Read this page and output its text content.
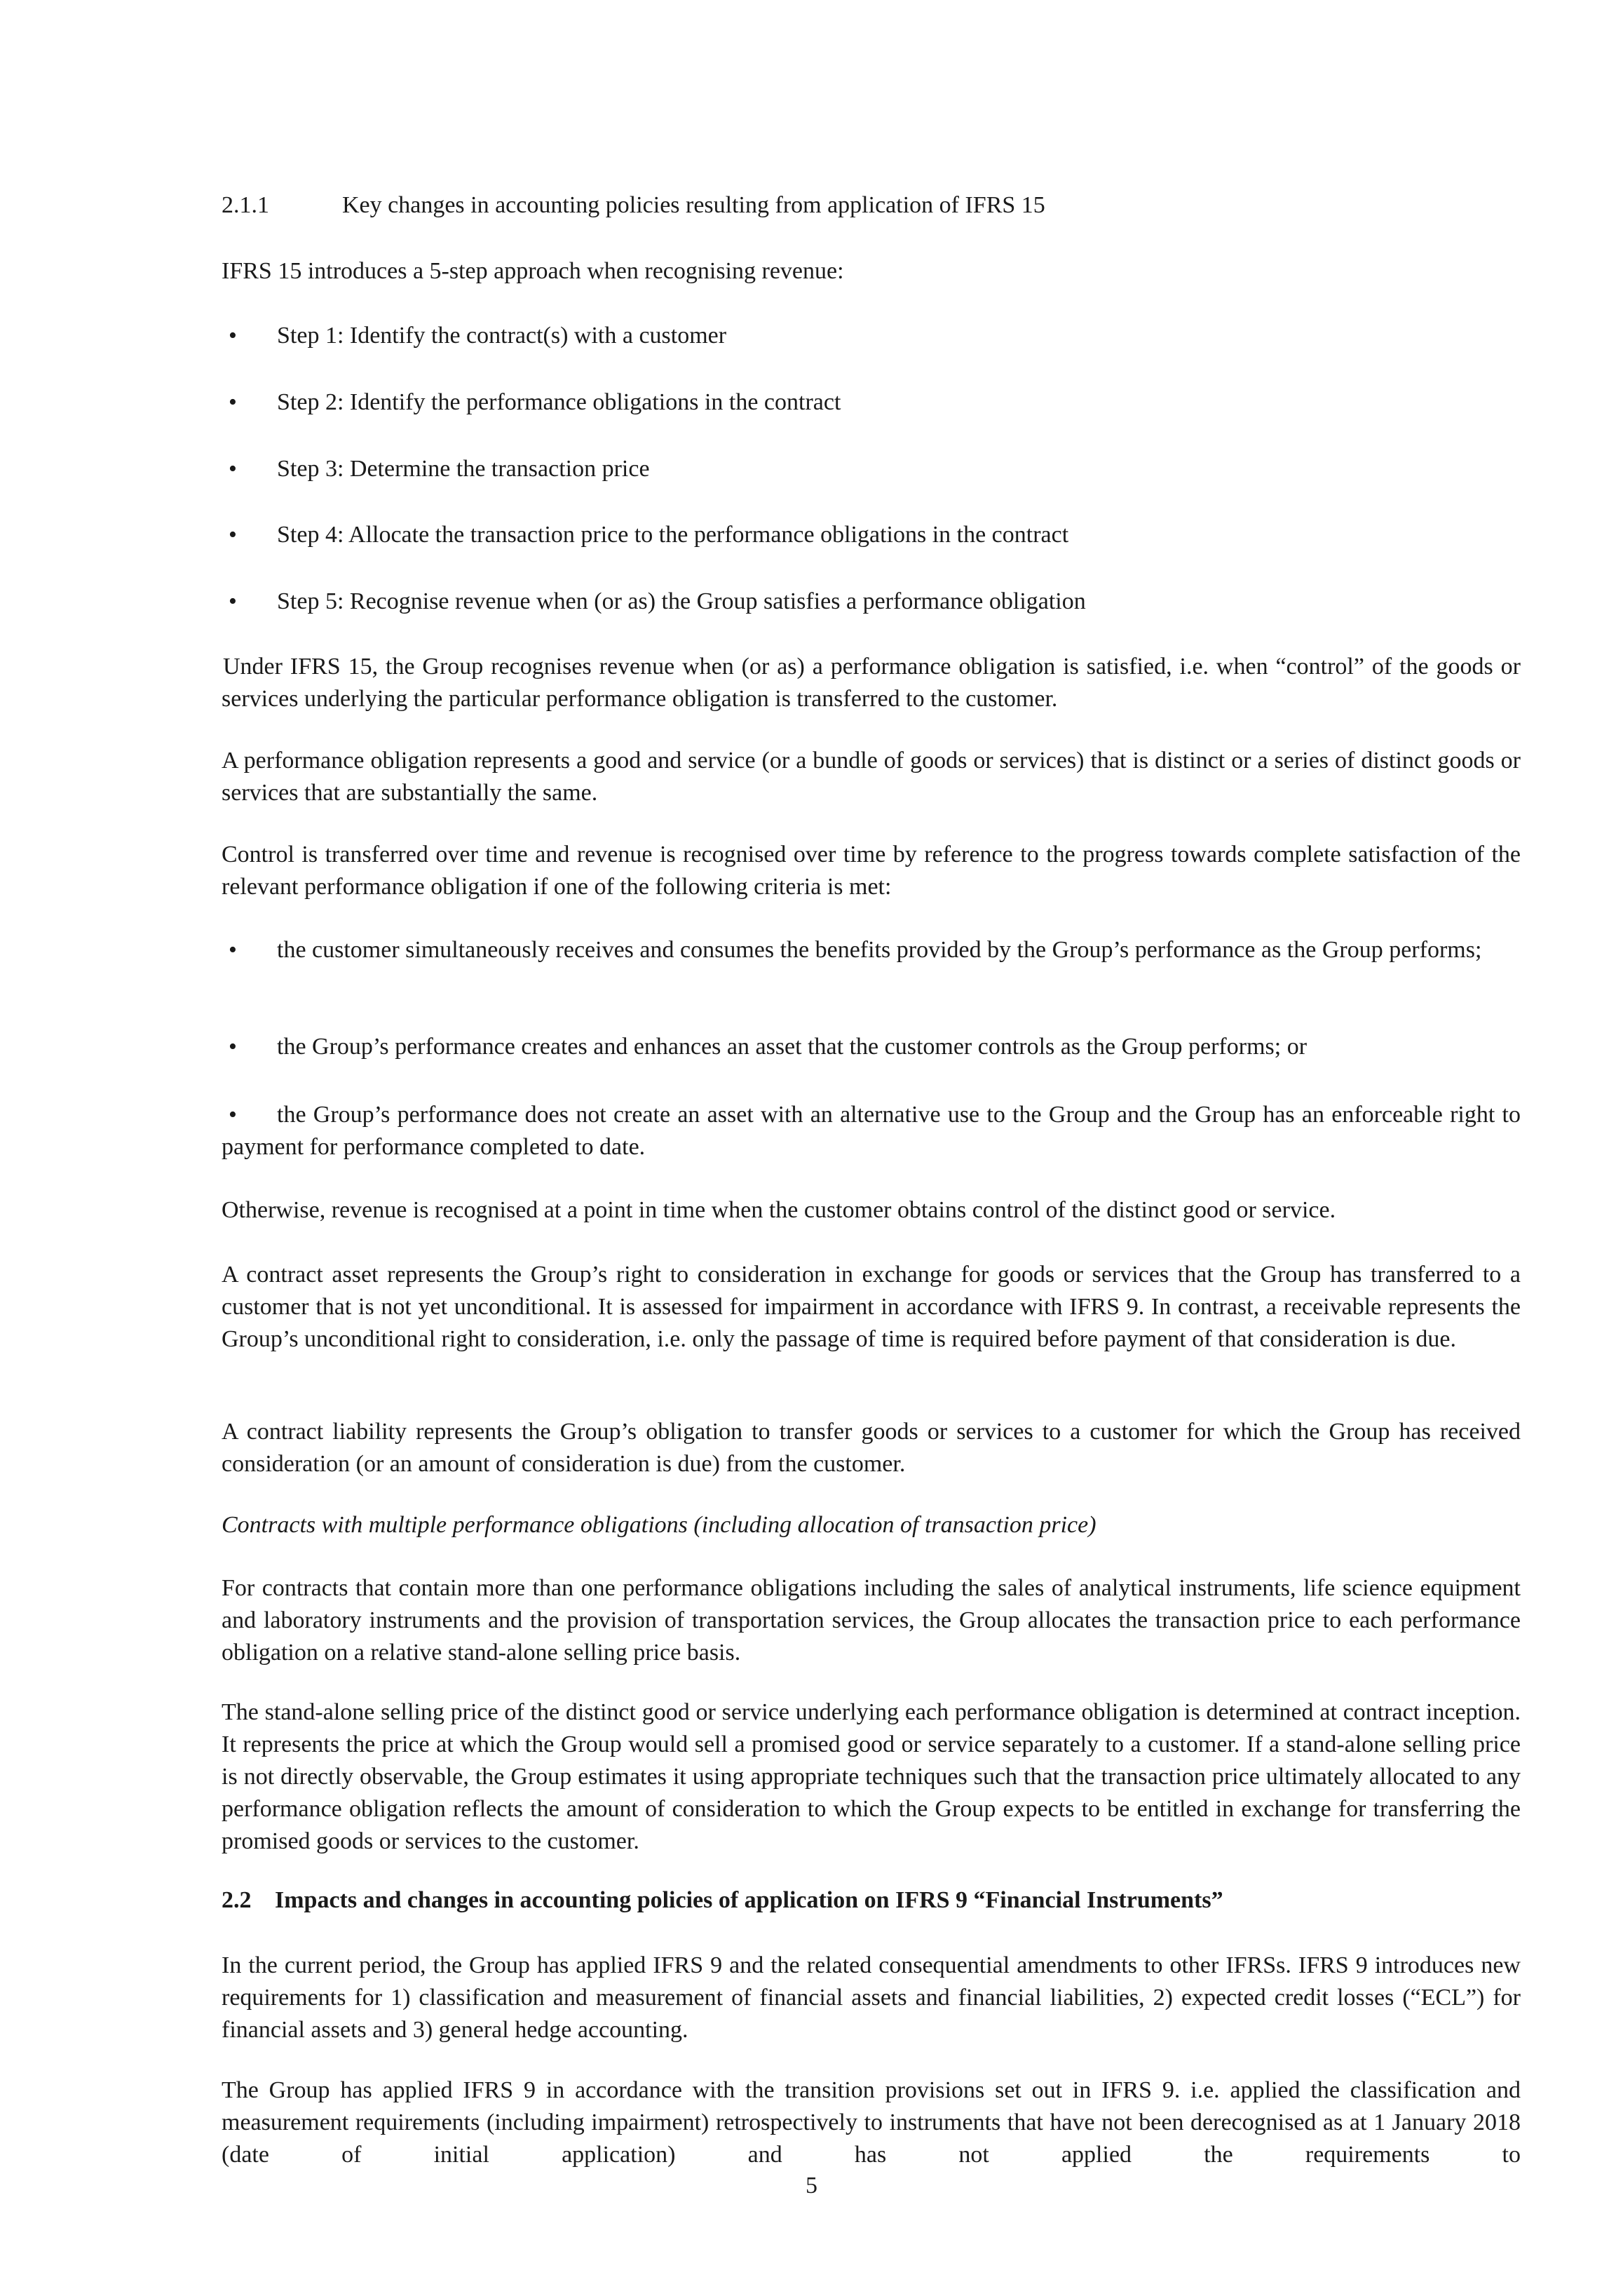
2.1.1	Key changes in accounting policies resulting from application of IFRS 15
IFRS 15 introduces a 5-step approach when recognising revenue:
• Step 1: Identify the contract(s) with a customer
• Step 2: Identify the performance obligations in the contract
• Step 3: Determine the transaction price
• Step 4: Allocate the transaction price to the performance obligations in the contract
• Step 5: Recognise revenue when (or as) the Group satisfies a performance obligation
Under IFRS 15, the Group recognises revenue when (or as) a performance obligation is satisfied, i.e. when “control” of the goods or services underlying the particular performance obligation is transferred to the customer.
A performance obligation represents a good and service (or a bundle of goods or services) that is distinct or a series of distinct goods or services that are substantially the same.
Control is transferred over time and revenue is recognised over time by reference to the progress towards complete satisfaction of the relevant performance obligation if one of the following criteria is met:
•	the customer simultaneously receives and consumes the benefits provided by the Group’s performance as the Group performs;
• the Group’s performance creates and enhances an asset that the customer controls as the Group performs; or
•	the Group’s performance does not create an asset with an alternative use to the Group and the Group has an enforceable right to payment for performance completed to date.
Otherwise, revenue is recognised at a point in time when the customer obtains control of the distinct good or service.
A contract asset represents the Group’s right to consideration in exchange for goods or services that the Group has transferred to a customer that is not yet unconditional. It is assessed for impairment in accordance with IFRS 9. In contrast, a receivable represents the Group’s unconditional right to consideration, i.e. only the passage of time is required before payment of that consideration is due.
A contract liability represents the Group’s obligation to transfer goods or services to a customer for which the Group has received consideration (or an amount of consideration is due) from the customer.
Contracts with multiple performance obligations (including allocation of transaction price)
For contracts that contain more than one performance obligations including the sales of analytical instruments, life science equipment and laboratory instruments and the provision of transportation services, the Group allocates the transaction price to each performance obligation on a relative stand-alone selling price basis.
The stand-alone selling price of the distinct good or service underlying each performance obligation is determined at contract inception. It represents the price at which the Group would sell a promised good or service separately to a customer. If a stand-alone selling price is not directly observable, the Group estimates it using appropriate techniques such that the transaction price ultimately allocated to any performance obligation reflects the amount of consideration to which the Group expects to be entitled in exchange for transferring the promised goods or services to the customer.
2.2 Impacts and changes in accounting policies of application on IFRS 9 “Financial Instruments”
In the current period, the Group has applied IFRS 9 and the related consequential amendments to other IFRSs. IFRS 9 introduces new requirements for 1) classification and measurement of financial assets and financial liabilities, 2) expected credit losses (“ECL”) for financial assets and 3) general hedge accounting.
The Group has applied IFRS 9 in accordance with the transition provisions set out in IFRS 9. i.e. applied the classification and measurement requirements (including impairment) retrospectively to instruments that have not been derecognised as at 1 January 2018 (date of initial application) and has not applied the requirements to
5
